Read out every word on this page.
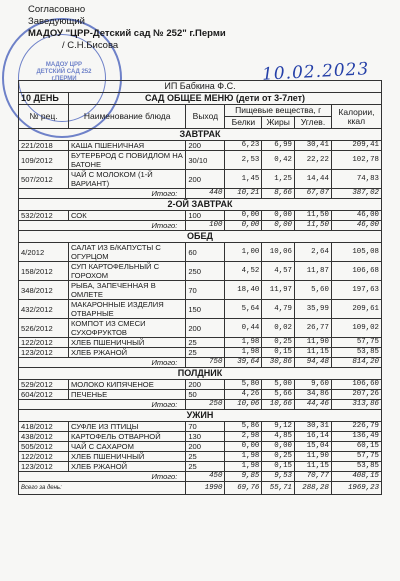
МАДОУ ЦРР ДЕТСКИЙ САД 252 г.ПЕРМИ
Согласовано
Заведующий
МАДОУ "ЦРР-Детский сад № 252" г.Перми
/ С.Н.Бисова
10.02.2023
ИП Бабкина Ф.С.						
10 ДЕНЬ	САД ОБЩЕЕ МЕНЮ (дети от 3-7лет)					
№ рец.	Наименование блюда	Выход	Пищевые вещества, г			Калории, ккал
			Белки	Жиры	Углев.	
ЗАВТРАК						
221/2018	КАША ПШЕНИЧНАЯ	200	6,23	6,99	30,41	209,41
109/2012	БУТЕРБРОД С ПОВИДЛОМ НА БАТОНЕ	30/10	2,53	0,42	22,22	102,78
507/2012	ЧАЙ С МОЛОКОМ (1-Й ВАРИАНТ)	200	1,45	1,25	14,44	74,83
Итого:		440	10,21	8,66	67,07	387,02
2-ОЙ ЗАВТРАК						
532/2012	СОК	100	0,00	0,00	11,50	46,00
Итого:		100	0,00	0,00	11,50	46,00
ОБЕД						
4/2012	САЛАТ ИЗ Б/КАПУСТЫ С ОГУРЦОМ	60	1,00	10,06	2,64	105,08
158/2012	СУП КАРТОФЕЛЬНЫЙ С ГОРОХОМ	250	4,52	4,57	11,87	106,68
348/2012	РЫБА, ЗАПЕЧЕННАЯ В ОМЛЕТЕ	70	18,40	11,97	5,60	197,63
432/2012	МАКАРОННЫЕ ИЗДЕЛИЯ ОТВАРНЫЕ	150	5,64	4,79	35,99	209,61
526/2012	КОМПОТ ИЗ СМЕСИ СУХОФРУКТОВ	200	0,44	0,02	26,77	109,02
122/2012	ХЛЕБ ПШЕНИЧНЫЙ	25	1,98	0,25	11,90	57,75
123/2012	ХЛЕБ РЖАНОЙ	25	1,98	0,15	11,15	53,85
Итого:		750	39,64	30,86	94,48	814,20
ПОЛДНИК						
529/2012	МОЛОКО КИПЯЧЕНОЕ	200	5,80	5,00	9,60	106,60
604/2012	ПЕЧЕНЬЕ	50	4,26	5,66	34,86	207,26
Итого:		250	10,06	10,66	44,46	313,86
УЖИН						
418/2012	СУФЛЕ ИЗ ПТИЦЫ	70	5,86	9,12	30,31	226,79
438/2012	КАРТОФЕЛЬ ОТВАРНОЙ	130	2,98	4,85	16,14	136,49
505/2012	ЧАЙ С САХАРОМ	200	0,00	0,00	15,04	60,15
122/2012	ХЛЕБ ПШЕНИЧНЫЙ	25	1,98	0,25	11,90	57,75
123/2012	ХЛЕБ РЖАНОЙ	25	1,98	0,15	11,15	53,85
Итого:		450	9,85	9,53	70,77	408,15
Всего за день:		1990	69,76	55,71	288,28	1969,23
